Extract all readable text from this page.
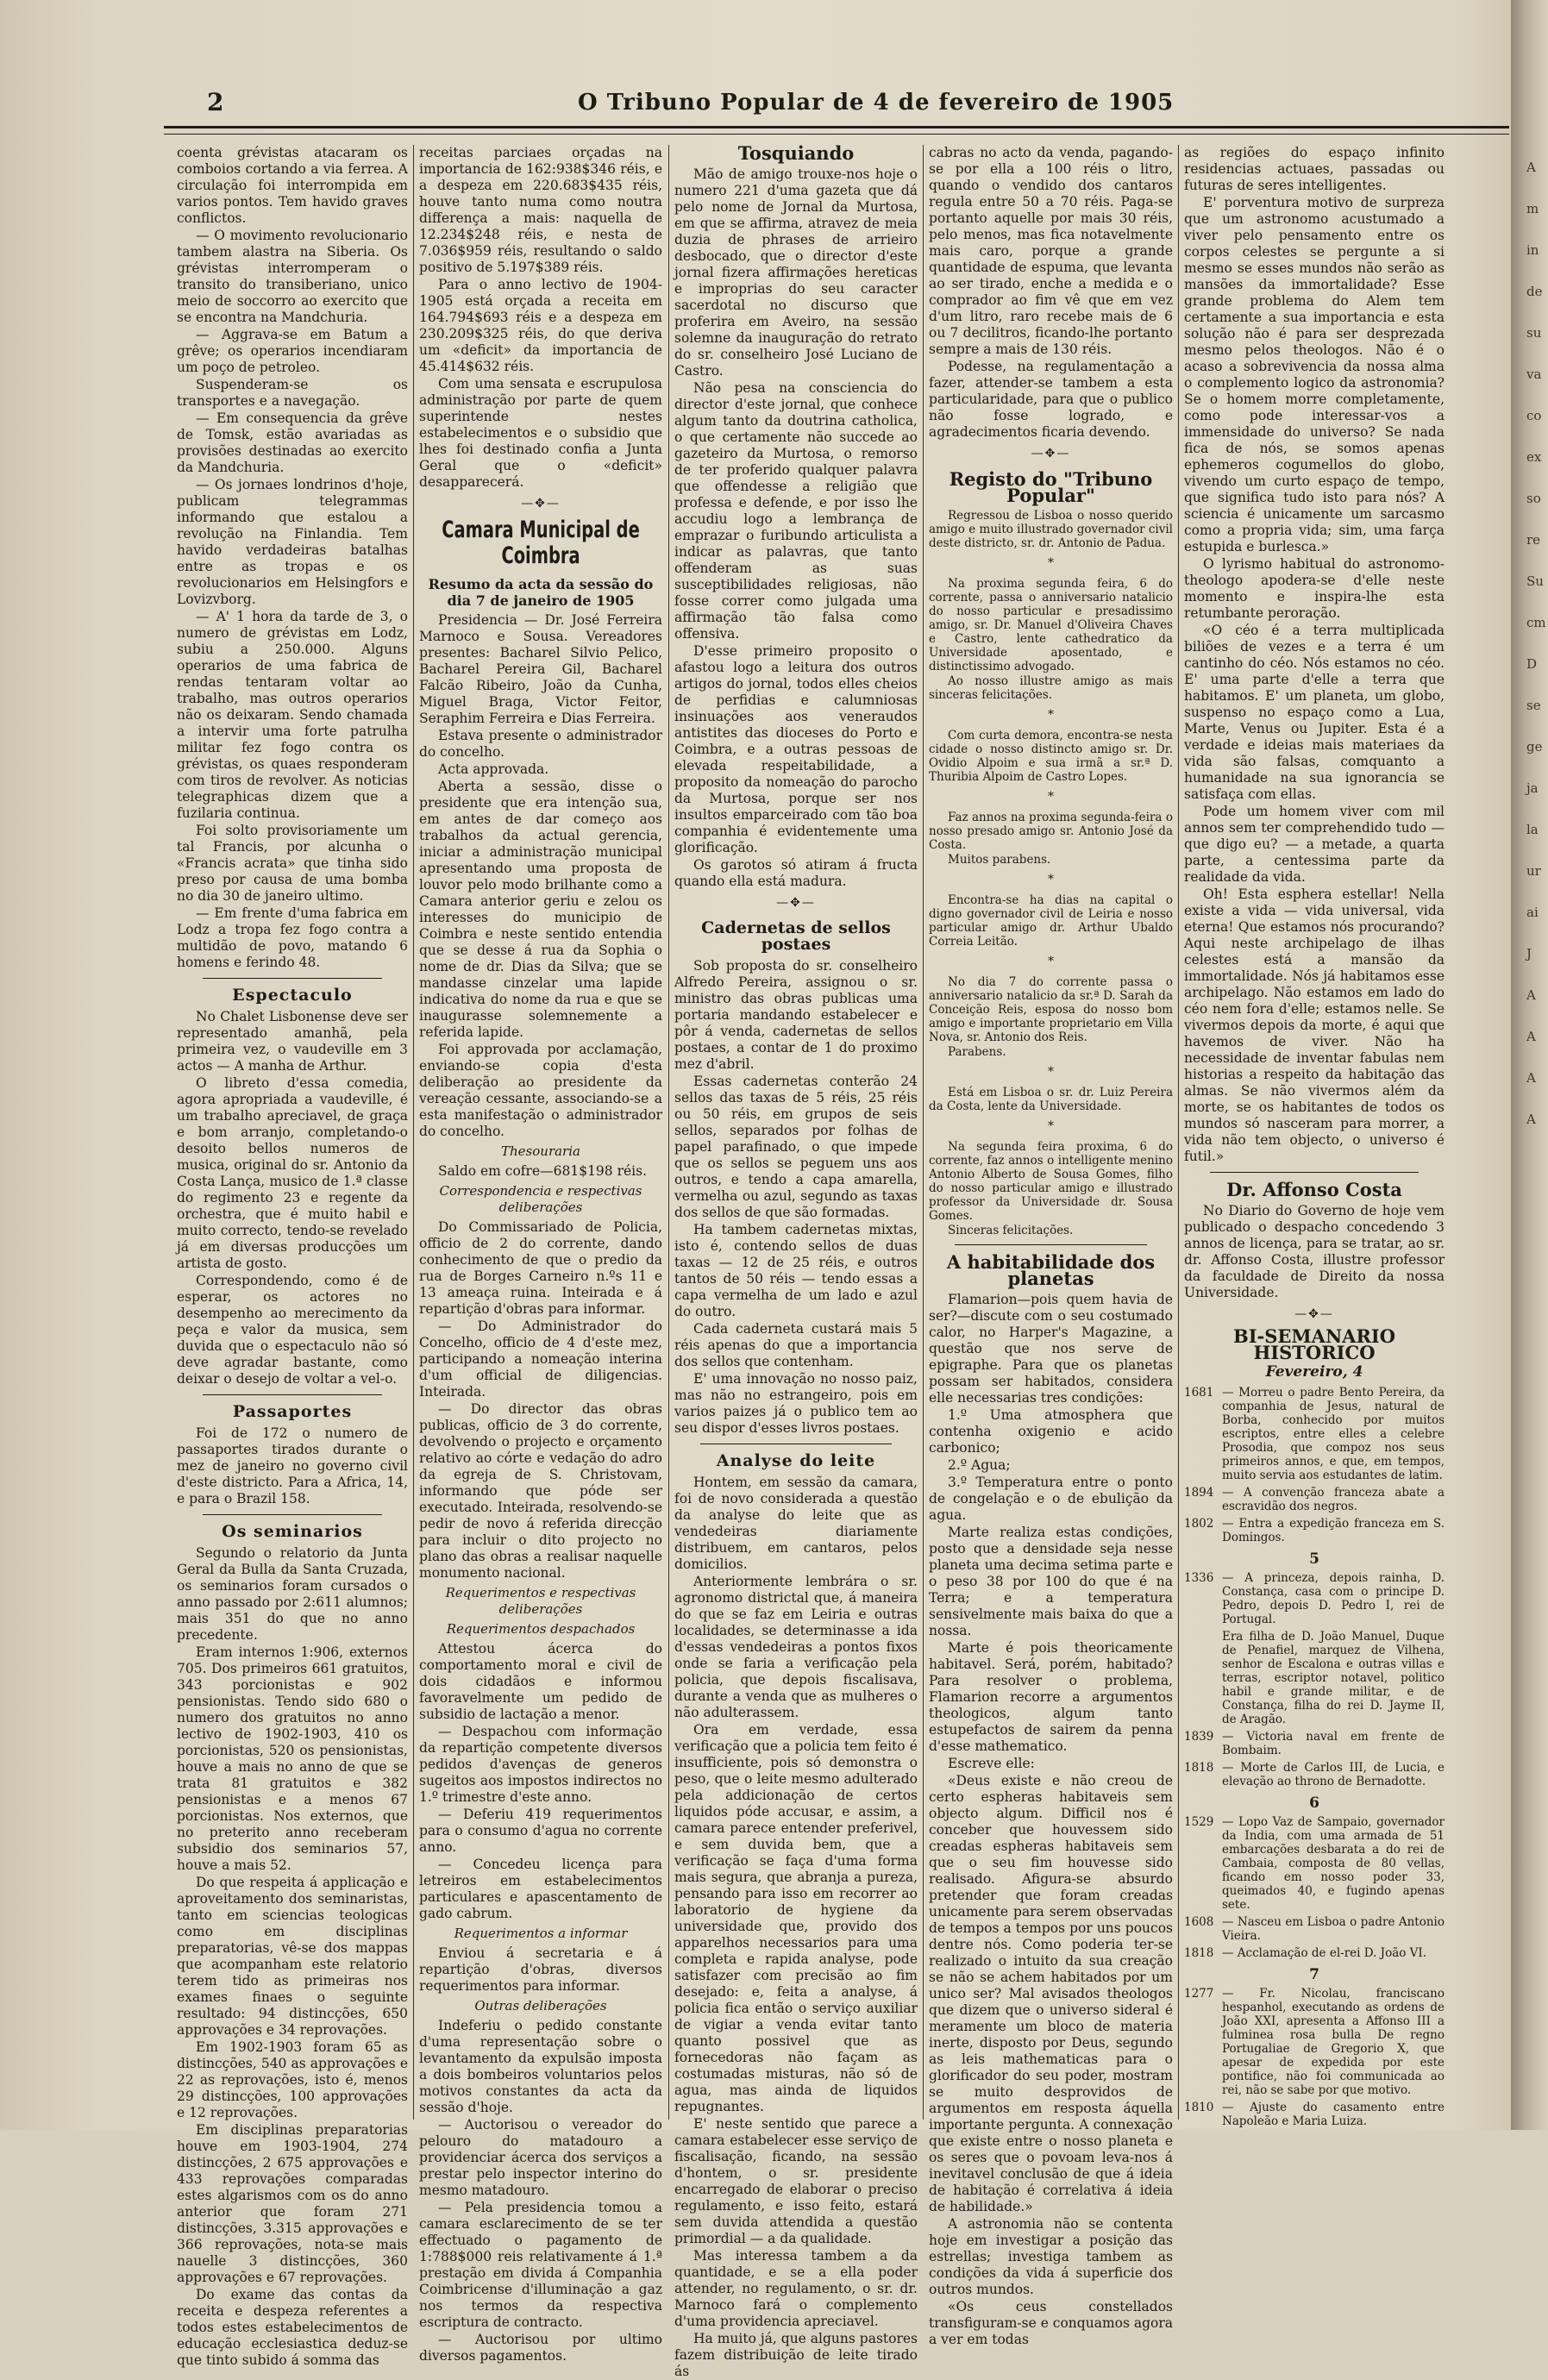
2	O Tribuno Popular de 4 de fevereiro de 1905

coenta grévistas atacaram os comboios cortando a via ferrea. A circulação foi interrompida em varios pontos. Tem havido graves conflictos.

— O movimento revolucionario tambem alastra na Siberia. Os grévistas interromperam o transito do transiberiano, unico meio de soccorro ao exercito que se encontra na Mandchuria.

— Aggrava-se em Batum a grêve; os operarios incendiaram um poço de petroleo.

Suspenderam-se os transportes e a navegação.

— Em consequencia da grêve de Tomsk, estão avariadas as provisões destinadas ao exercito da Mandchuria.

— Os jornaes londrinos d'hoje, publicam telegrammas informando que estalou a revolução na Finlandia. Tem havido verdadeiras batalhas entre as tropas e os revolucionarios em Helsingfors e Lovizvborg.

— A' 1 hora da tarde de 3, o numero de grévistas em Lodz, subiu a 250.000. Alguns operarios de uma fabrica de rendas tentaram voltar ao trabalho, mas outros operarios não os deixaram. Sendo chamada a intervir uma forte patrulha militar fez fogo contra os grévistas, os quaes responderam com tiros de revolver. As noticias telegraphicas dizem que a fuzilaria continua.

Foi solto provisoriamente um tal Francis, por alcunha o «Francis acrata» que tinha sido preso por causa de uma bomba no dia 30 de janeiro ultimo.

— Em frente d'uma fabrica em Lodz a tropa fez fogo contra a multidão de povo, matando 6 homens e ferindo 48.

Espectaculo

No Chalet Lisbonense deve ser representado amanhã, pela primeira vez, o vaudeville em 3 actos — A manha de Arthur.

O libreto d'essa comedia, agora apropriada a vaudeville, é um trabalho apreciavel, de graça e bom arranjo, completando-o desoito bellos numeros de musica, original do sr. Antonio da Costa Lança, musico de 1.ª classe do regimento 23 e regente da orchestra, que é muito habil e muito correcto, tendo-se revelado já em diversas producções um artista de gosto.

Correspondendo, como é de esperar, os actores no desempenho ao merecimento da peça e valor da musica, sem duvida que o espectaculo não só deve agradar bastante, como deixar o desejo de voltar a vel-o.

Passaportes

Foi de 172 o numero de passaportes tirados durante o mez de janeiro no governo civil d'este districto. Para a Africa, 14, e para o Brazil 158.

Os seminarios

Segundo o relatorio da Junta Geral da Bulla da Santa Cruzada, os seminarios foram cursados o anno passado por 2:611 alumnos; mais 351 do que no anno precedente.

Eram internos 1:906, externos 705. Dos primeiros 661 gratuitos, 343 porcionistas e 902 pensionistas. Tendo sido 680 o numero dos gratuitos no anno lectivo de 1902-1903, 410 os porcionistas, 520 os pensionistas, houve a mais no anno de que se trata 81 gratuitos e 382 pensionistas e a menos 67 porcionistas. Nos externos, que no preterito anno receberam subsidio dos seminarios 57, houve a mais 52.

Do que respeita á applicação e aproveitamento dos seminaristas, tanto em sciencias teologicas como em disciplinas preparatorias, vê-se dos mappas que acompanham este relatorio terem tido as primeiras nos exames finaes o seguinte resultado: 94 distincções, 650 approvações e 34 reprovações.

Em 1902-1903 foram 65 as distincções, 540 as approvações e 22 as reprovações, isto é, menos 29 distincções, 100 approvações e 12 reprovações.

Em disciplinas preparatorias houve em 1903-1904, 274 distincções, 2 675 approvações e 433 reprovações comparadas estes algarismos com os do anno anterior que foram 271 distincções, 3.315 approvações e 366 reprovações, nota-se mais nauelle 3 distincções, 360 approvações e 67 reprovações.

Do exame das contas da receita e despeza referentes a todos estes estabelecimentos de educação ecclesiastica deduz-se que tinto subido á somma das

receitas parciaes orçadas na importancia de 162:938$346 réis, e a despeza em 220.683$435 réis, houve tanto numa como noutra differença a mais: naquella de 12.234$248 réis, e nesta de 7.036$959 réis, resultando o saldo positivo de 5.197$389 réis.

Para o anno lectivo de 1904-1905 está orçada a receita em 164.794$693 réis e a despeza em 230.209$325 réis, do que deriva um «deficit» da importancia de 45.414$632 réis.

Com uma sensata e escrupulosa administração por parte de quem superintende nestes estabelecimentos e o subsidio que lhes foi destinado confia a Junta Geral que o «deficit» desapparecerá.

—✥—
Camara Municipal de Coimbra
Resumo da acta da sessão do dia 7 de janeiro de 1905

Presidencia — Dr. José Ferreira Marnoco e Sousa. Vereadores presentes: Bacharel Silvio Pelico, Bacharel Pereira Gil, Bacharel Falcão Ribeiro, João da Cunha, Miguel Braga, Victor Feitor, Seraphim Ferreira e Dias Ferreira.

Estava presente o administrador do concelho.

Acta approvada.

Aberta a sessão, disse o presidente que era intenção sua, em antes de dar começo aos trabalhos da actual gerencia, iniciar a administração municipal apresentando uma proposta de louvor pelo modo brilhante como a Camara anterior geriu e zelou os interesses do municipio de Coimbra e neste sentido entendia que se desse á rua da Sophia o nome de dr. Dias da Silva; que se mandasse cinzelar uma lapide indicativa do nome da rua e que se inaugurasse solemnemente a referida lapide.

Foi approvada por acclamação, enviando-se copia d'esta deliberação ao presidente da vereação cessante, associando-se a esta manifestação o administrador do concelho.

Thesouraria

Saldo em cofre—681$198 réis.

Correspondencia e respectivas deliberações

Do Commissariado de Policia, officio de 2 do corrente, dando conhecimento de que o predio da rua de Borges Carneiro n.ºs 11 e 13 ameaça ruina. Inteirada e á repartição d'obras para informar.

— Do Administrador do Concelho, officio de 4 d'este mez, participando a nomeação interina d'um official de diligencias. Inteirada.

— Do director das obras publicas, officio de 3 do corrente, devolvendo o projecto e orçamento relativo ao córte e vedação do adro da egreja de S. Christovam, informando que póde ser executado. Inteirada, resolvendo-se pedir de novo á referida direcção para incluir o dito projecto no plano das obras a realisar naquelle monumento nacional.

Requerimentos e respectivas deliberações
Requerimentos despachados

Attestou ácerca do comportamento moral e civil de dois cidadãos e informou favoravelmente um pedido de subsidio de lactação a menor.

— Despachou com informação da repartição competente diversos pedidos d'avenças de generos sugeitos aos impostos indirectos no 1.º trimestre d'este anno.

— Deferiu 419 requerimentos para o consumo d'agua no corrente anno.

— Concedeu licença para letreiros em estabelecimentos particulares e apascentamento de gado cabrum.

Requerimentos a informar

Enviou á secretaria e á repartição d'obras, diversos requerimentos para informar.

Outras deliberações

Indeferiu o pedido constante d'uma representação sobre o levantamento da expulsão imposta a dois bombeiros voluntarios pelos motivos constantes da acta da sessão d'hoje.

— Auctorisou o vereador do pelouro do matadouro a providenciar ácerca dos serviços a prestar pelo inspector interino do mesmo matadouro.

— Pela presidencia tomou a camara esclarecimento de se ter effectuado o pagamento de 1:788$000 reis relativamente á 1.ª prestação em divida á Companhia Coimbricense d'illuminação a gaz nos termos da respectiva escriptura de contracto.

— Auctorisou por ultimo diversos pagamentos.

Tosquiando

Mão de amigo trouxe-nos hoje o numero 221 d'uma gazeta que dá pelo nome de Jornal da Murtosa, em que se affirma, atravez de meia duzia de phrases de arrieiro desbocado, que o director d'este jornal fizera affirmações hereticas e improprias do seu caracter sacerdotal no discurso que proferira em Aveiro, na sessão solemne da inauguração do retrato do sr. conselheiro José Luciano de Castro.

Não pesa na consciencia do director d'este jornal, que conhece algum tanto da doutrina catholica, o que certamente não succede ao gazeteiro da Murtosa, o remorso de ter proferido qualquer palavra que offendesse a religião que professa e defende, e por isso lhe accudiu logo a lembrança de emprazar o furibundo articulista a indicar as palavras, que tanto offenderam as suas susceptibilidades religiosas, não fosse correr como julgada uma affirmação tão falsa como offensiva.

D'esse primeiro proposito o afastou logo a leitura dos outros artigos do jornal, todos elles cheios de perfidias e calumniosas insinuações aos veneraudos antistites das dioceses do Porto e Coimbra, e a outras pessoas de elevada respeitabilidade, a proposito da nomeação do parocho da Murtosa, porque ser nos insultos emparceirado com tão boa companhia é evidentemente uma glorificação.

Os garotos só atiram á fructa quando ella está madura.

—✥—
Cadernetas de sellos postaes

Sob proposta do sr. conselheiro Alfredo Pereira, assignou o sr. ministro das obras publicas uma portaria mandando estabelecer e pôr á venda, cadernetas de sellos postaes, a contar de 1 do proximo mez d'abril.

Essas cadernetas conterão 24 sellos das taxas de 5 réis, 25 réis ou 50 réis, em grupos de seis sellos, separados por folhas de papel parafinado, o que impede que os sellos se peguem uns aos outros, e tendo a capa amarella, vermelha ou azul, segundo as taxas dos sellos de que são formadas.

Ha tambem cadernetas mixtas, isto é, contendo sellos de duas taxas — 12 de 25 réis, e outros tantos de 50 réis — tendo essas a capa vermelha de um lado e azul do outro.

Cada caderneta custará mais 5 réis apenas do que a importancia dos sellos que contenham.

E' uma innovação no nosso paiz, mas não no estrangeiro, pois em varios paizes já o publico tem ao seu dispor d'esses livros postaes.

Analyse do leite

Hontem, em sessão da camara, foi de novo considerada a questão da analyse do leite que as vendedeiras diariamente distribuem, em cantaros, pelos domicilios.

Anteriormente lembrára o sr. agronomo districtal que, á maneira do que se faz em Leiria e outras localidades, se determinasse a ida d'essas vendedeiras a pontos fixos onde se faria a verificação pela policia, que depois fiscalisava, durante a venda que as mulheres o não adulterassem.

Ora em verdade, essa verificação que a policia tem feito é insufficiente, pois só demonstra o peso, que o leite mesmo adulterado pela addicionação de certos liquidos póde accusar, e assim, a camara parece entender preferivel, e sem duvida bem, que a verificação se faça d'uma forma mais segura, que abranja a pureza, pensando para isso em recorrer ao laboratorio de hygiene da universidade que, provido dos apparelhos necessarios para uma completa e rapida analyse, pode satisfazer com precisão ao fim desejado: e, feita a analyse, á policia fica então o serviço auxiliar de vigiar a venda evitar tanto quanto possivel que as fornecedoras não façam as costumadas misturas, não só de agua, mas ainda de liquidos repugnantes.

E' neste sentido que parece a camara estabelecer esse serviço de fiscalisação, ficando, na sessão d'hontem, o sr. presidente encarregado de elaborar o preciso regulamento, e isso feito, estará sem duvida attendida a questão primordial — a da qualidade.

Mas interessa tambem a da quantidade, e se a ella poder attender, no regulamento, o sr. dr. Marnoco fará o complemento d'uma providencia apreciavel.

Ha muito já, que alguns pastores fazem distribuição de leite tirado ás

cabras no acto da venda, pagando-se por ella a 100 réis o litro, quando o vendido dos cantaros regula entre 50 a 70 réis. Paga-se portanto aquelle por mais 30 réis, pelo menos, mas fica notavelmente mais caro, porque a grande quantidade de espuma, que levanta ao ser tirado, enche a medida e o comprador ao fim vê que em vez d'um litro, raro recebe mais de 6 ou 7 decilitros, ficando-lhe portanto sempre a mais de 130 réis.

Podesse, na regulamentação a fazer, attender-se tambem a esta particularidade, para que o publico não fosse logrado, e agradecimentos ficaria devendo.

—✥—
Registo do "Tribuno Popular"

Regressou de Lisboa o nosso querido amigo e muito illustrado governador civil deste districto, sr. dr. Antonio de Padua.

*

Na proxima segunda feira, 6 do corrente, passa o anniversario natalicio do nosso particular e presadissimo amigo, sr. Dr. Manuel d'Oliveira Chaves e Castro, lente cathedratico da Universidade aposentado, e distinctissimo advogado.

Ao nosso illustre amigo as mais sinceras felicitações.

*

Com curta demora, encontra-se nesta cidade o nosso distincto amigo sr. Dr. Ovidio Alpoim e sua irmã a sr.ª D. Thuribia Alpoim de Castro Lopes.

*

Faz annos na proxima segunda-feira o nosso presado amigo sr. Antonio José da Costa.

Muitos parabens.

*

Encontra-se ha dias na capital o digno governador civil de Leiria e nosso particular amigo dr. Arthur Ubaldo Correia Leitão.

*

No dia 7 do corrente passa o anniversario natalicio da sr.ª D. Sarah da Conceição Reis, esposa do nosso bom amigo e importante proprietario em Villa Nova, sr. Antonio dos Reis.

Parabens.

*

Está em Lisboa o sr. dr. Luiz Pereira da Costa, lente da Universidade.

*

Na segunda feira proxima, 6 do corrente, faz annos o intelligente menino Antonio Alberto de Sousa Gomes, filho do nosso particular amigo e illustrado professor da Universidade dr. Sousa Gomes.

Sinceras felicitações.

A habitabilidade dos planetas

Flamarion—pois quem havia de ser?—discute com o seu costumado calor, no Harper's Magazine, a questão que nos serve de epigraphe. Para que os planetas possam ser habitados, considera elle necessarias tres condições:

1.º Uma atmosphera que contenha oxigenio e acido carbonico;

2.º Agua;

3.º Temperatura entre o ponto de congelação e o de ebulição da agua.

Marte realiza estas condições, posto que a densidade seja nesse planeta uma decima setima parte e o peso 38 por 100 do que é na Terra; e a temperatura sensivelmente mais baixa do que a nossa.

Marte é pois theoricamente habitavel. Será, porém, habitado? Para resolver o problema, Flamarion recorre a argumentos theologicos, algum tanto estupefactos de sairem da penna d'esse mathematico.

Escreve elle:

«Deus existe e não creou de certo espheras habitaveis sem objecto algum. Difficil nos é conceber que houvessem sido creadas espheras habitaveis sem que o seu fim houvesse sido realisado. Afigura-se absurdo pretender que foram creadas unicamente para serem observadas de tempos a tempos por uns poucos dentre nós. Como poderia ter-se realizado o intuito da sua creação se não se achem habitados por um unico ser? Mal avisados theologos que dizem que o universo sideral é meramente um bloco de materia inerte, disposto por Deus, segundo as leis mathematicas para o glorificador do seu poder, mostram se muito desprovidos de argumentos em resposta áquella importante pergunta. A connexação que existe entre o nosso planeta e os seres que o povoam leva-nos á inevitavel conclusão de que á ideia de habitação é correlativa á ideia de habilidade.»

A astronomia não se contenta hoje em investigar a posição das estrellas; investiga tambem as condições da vida á superficie dos outros mundos.

«Os ceus constellados transfiguram-se e conquamos agora a ver em todas

as regiões do espaço infinito residencias actuaes, passadas ou futuras de seres intelligentes.

E' porventura motivo de surpreza que um astronomo acustumado a viver pelo pensamento entre os corpos celestes se pergunte a si mesmo se esses mundos não serão as mansões da immortalidade? Esse grande problema do Alem tem certamente a sua importancia e esta solução não é para ser desprezada mesmo pelos theologos. Não é o acaso a sobrevivencia da nossa alma o complemento logico da astronomia? Se o homem morre completamente, como pode interessar-vos a immensidade do universo? Se nada fica de nós, se somos apenas ephemeros cogumellos do globo, vivendo um curto espaço de tempo, que significa tudo isto para nós? A sciencia é unicamente um sarcasmo como a propria vida; sim, uma farça estupida e burlesca.»

O lyrismo habitual do astronomo-theologo apodera-se d'elle neste momento e inspira-lhe esta retumbante peroração.

«O céo é a terra multiplicada biliões de vezes e a terra é um cantinho do céo. Nós estamos no céo. E' uma parte d'elle a terra que habitamos. E' um planeta, um globo, suspenso no espaço como a Lua, Marte, Venus ou Jupiter. Esta é a verdade e ideias mais materiaes da vida são falsas, comquanto a humanidade na sua ignorancia se satisfaça com ellas.

Pode um homem viver com mil annos sem ter comprehendido tudo — que digo eu? — a metade, a quarta parte, a centessima parte da realidade da vida.

Oh! Esta esphera estellar! Nella existe a vida — vida universal, vida eterna! Que estamos nós procurando? Aqui neste archipelago de ilhas celestes está a mansão da immortalidade. Nós já habitamos esse archipelago. Não estamos em lado do céo nem fora d'elle; estamos nelle. Se vivermos depois da morte, é aqui que havemos de viver. Não ha necessidade de inventar fabulas nem historias a respeito da habitação das almas. Se não vivermos além da morte, se os habitantes de todos os mundos só nasceram para morrer, a vida não tem objecto, o universo é futil.»

Dr. Affonso Costa

No Diario do Governo de hoje vem publicado o despacho concedendo 3 annos de licença, para se tratar, ao sr. dr. Affonso Costa, illustre professor da faculdade de Direito da nossa Universidade.

—✥—
BI-SEMANARIO HISTORICO
Fevereiro, 4
1681 — Morreu o padre Bento Pereira, da companhia de Jesus, natural de Borba, conhecido por muitos escriptos, entre elles a celebre Prosodia, que compoz nos seus primeiros annos, e que, em tempos, muito servia aos estudantes de latim.
1894 — A convenção franceza abate a escravidão dos negros.
1802 — Entra a expedição franceza em S. Domingos.
5
1336 — A princeza, depois rainha, D. Constança, casa com o principe D. Pedro, depois D. Pedro I, rei de Portugal.
Era filha de D. João Manuel, Duque de Penafiel, marquez de Vilhena, senhor de Escalona e outras villas e terras, escriptor notavel, politico habil e grande militar, e de Constança, filha do rei D. Jayme II, de Aragão.
1839 — Victoria naval em frente de Bombaim.
1818 — Morte de Carlos III, de Lucia, e elevação ao throno de Bernadotte.
6
1529 — Lopo Vaz de Sampaio, governador da India, com uma armada de 51 embarcações desbarata a do rei de Cambaia, composta de 80 vellas, ficando em nosso poder 33, queimados 40, e fugindo apenas sete.
1608 — Nasceu em Lisboa o padre Antonio Vieira.
1818 — Acclamação de el-rei D. João VI.
7
1277 — Fr. Nicolau, franciscano hespanhol, executando as ordens de João XXI, apresenta a Affonso III a fulminea rosa bulla De regno Portugaliae de Gregorio X, que apesar de expedida por este pontifice, não foi communicada ao rei, não se sabe por que motivo.
1810 — Ajuste do casamento entre Napoleão e Maria Luiza.
A
m
in
de
su
va
co
ex
so
re
Su
cm
D
se
ge
ja
la
ur
ai
J
A
A
A
A
